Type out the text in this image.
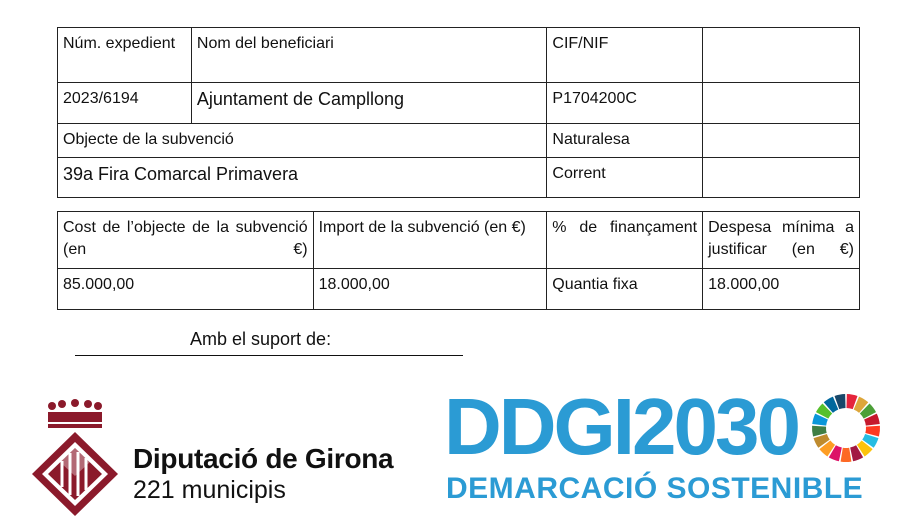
Núm. expedient	Nom del beneficiari	CIF/NIF	
2023/6194	Ajuntament de Campllong	P1704200C	
Objecte de la subvenció		Naturalesa	
39a Fira Comarcal Primavera		Corrent	
Cost de l’objecte de la subvenció (en €)	Import de la subvenció (en €)	% de finançament	Despesa mínima a justificar (en €)
85.000,00	18.000,00	Quantia fixa	18.000,00
Amb el suport de:
Diputació de Girona
221 municipis
DDGI2030
DEMARCACIÓ SOSTENIBLE
